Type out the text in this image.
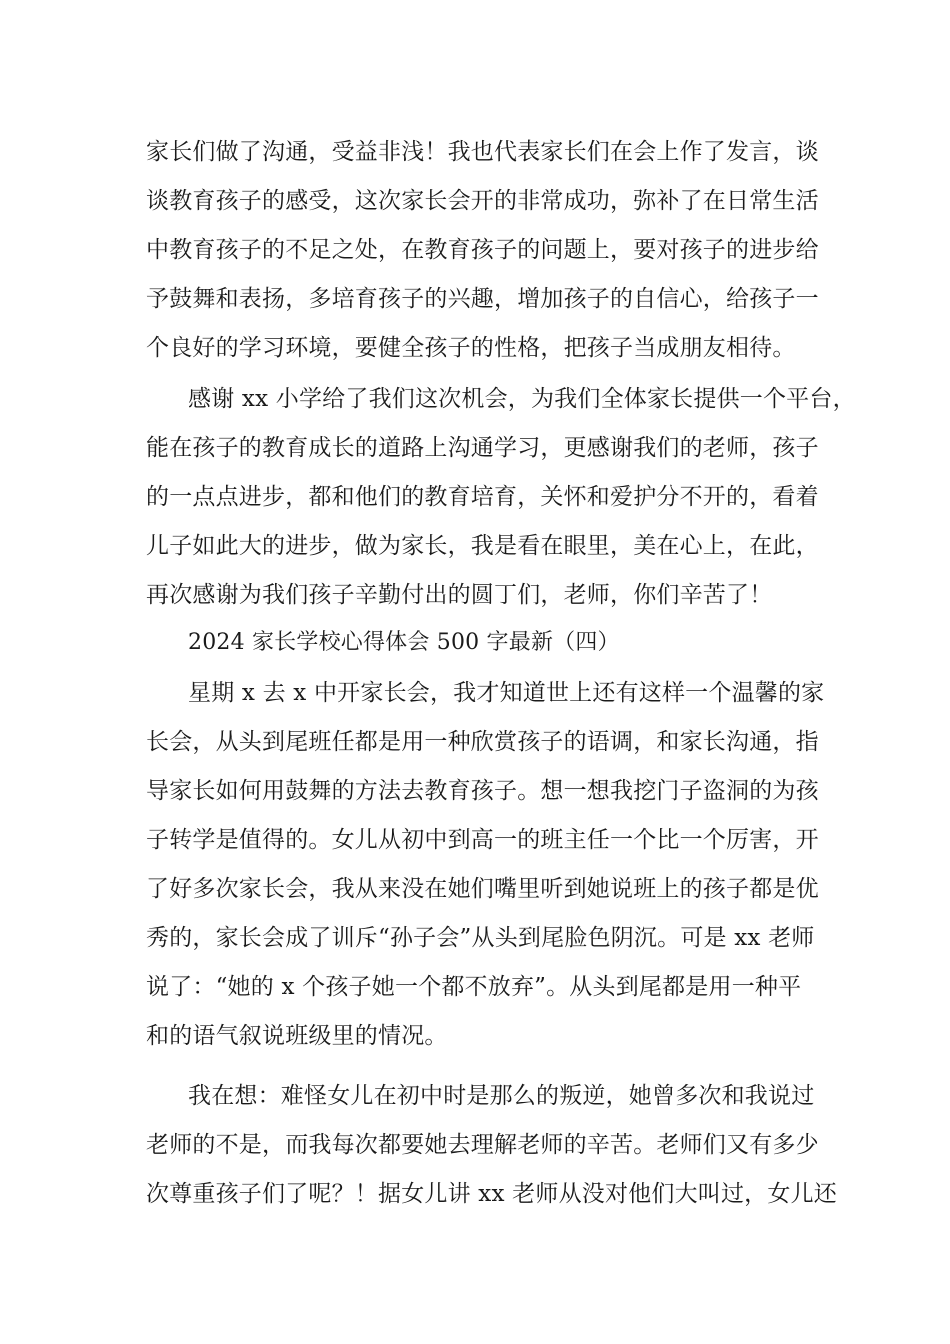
家长们做了沟通，受益非浅！我也代表家长们在会上作了发言，谈
谈教育孩子的感受，这次家长会开的非常成功，弥补了在日常生活
中教育孩子的不足之处，在教育孩子的问题上，要对孩子的进步给
予鼓舞和表扬，多培育孩子的兴趣，增加孩子的自信心，给孩子一
个良好的学习环境，要健全孩子的性格，把孩子当成朋友相待。
感谢 xx 小学给了我们这次机会，为我们全体家长提供一个平台，
能在孩子的教育成长的道路上沟通学习，更感谢我们的老师，孩子
的一点点进步，都和他们的教育培育，关怀和爱护分不开的，看着
儿子如此大的进步，做为家长，我是看在眼里，美在心上，在此，
再次感谢为我们孩子辛勤付出的圆丁们，老师，你们辛苦了！
2024 家长学校心得体会 500 字最新（四）
星期 x 去 x 中开家长会，我才知道世上还有这样一个温馨的家
长会，从头到尾班任都是用一种欣赏孩子的语调，和家长沟通，指
导家长如何用鼓舞的方法去教育孩子。想一想我挖门子盗洞的为孩
子转学是值得的。女儿从初中到高一的班主任一个比一个厉害，开
了好多次家长会，我从来没在她们嘴里听到她说班上的孩子都是优
秀的，家长会成了训斥“孙子会”从头到尾脸色阴沉。可是 xx 老师
说了：“她的 x 个孩子她一个都不放弃”。从头到尾都是用一种平
和的语气叙说班级里的情况。
我在想：难怪女儿在初中时是那么的叛逆，她曾多次和我说过
老师的不是，而我每次都要她去理解老师的辛苦。老师们又有多少
次尊重孩子们了呢？！据女儿讲 xx 老师从没对他们大叫过，女儿还
